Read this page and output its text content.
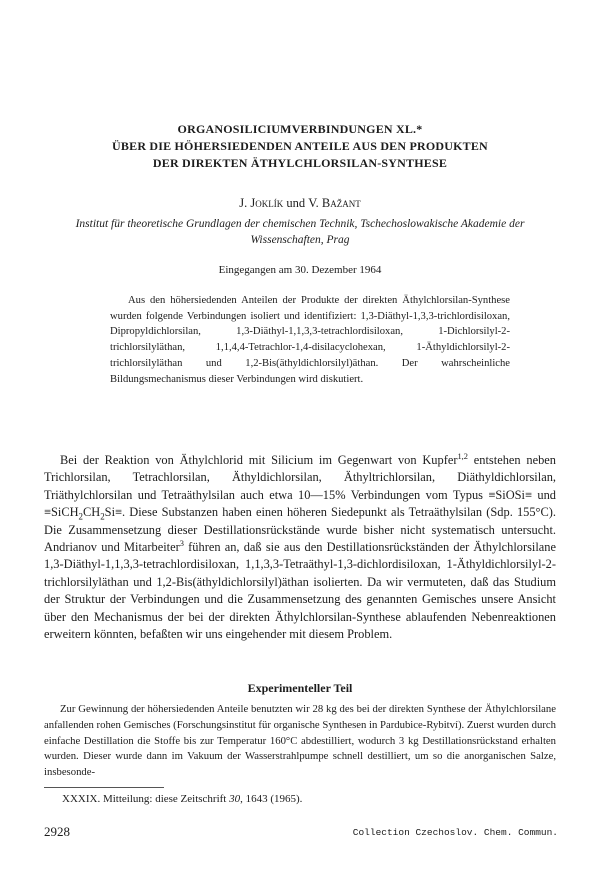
ORGANOSILICIUMVERBINDUNGEN XL.*
ÜBER DIE HÖHERSIEDENDEN ANTEILE AUS DEN PRODUKTEN
DER DIREKTEN ÄTHYLCHLORSILAN-SYNTHESE
J. Joklík und V. Bažant
Institut für theoretische Grundlagen der chemischen Technik, Tschechoslowakische Akademie der Wissenschaften, Prag
Eingegangen am 30. Dezember 1964
Aus den höhersiedenden Anteilen der Produkte der direkten Äthylchlorsilan-Synthese wurden folgende Verbindungen isoliert und identifiziert: 1,3-Diäthyl-1,3,3-trichlordisiloxan, Dipropyldichlorsilan, 1,3-Diäthyl-1,1,3,3-tetrachlordisiloxan, 1-Dichlorsilyl-2-trichlorsilyläthan, 1,1,4,4-Tetrachlor-1,4-disilacyclohexan, 1-Äthyldichlorsilyl-2-trichlorsilyläthan und 1,2-Bis(äthyldichlorsilyl)äthan. Der wahrscheinliche Bildungsmechanismus dieser Verbindungen wird diskutiert.
Bei der Reaktion von Äthylchlorid mit Silicium im Gegenwart von Kupfer$^{1,2}$ entstehen neben Trichlorsilan, Tetrachlorsilan, Äthyldichlorsilan, Äthyltrichlorsilan, Diäthyldichlorsilan, Triäthylchlorsilan und Tetraäthylsilan auch etwa 10—15% Verbindungen vom Typus ≡SiOSi≡ und $\equiv SiCH_2CH_2Si\equiv$. Diese Substanzen haben einen höheren Siedepunkt als Tetraäthylsilan (Sdp. 155°C). Die Zusammensetzung dieser Destillationsrückstände wurde bisher nicht systematisch untersucht. Andrianov und Mitarbeiter$^3$ führen an, daß sie aus den Destillationsrückständen der Äthylchlorsilane 1,3-Diäthyl-1,1,3,3-tetrachlordisiloxan, 1,1,3,3-Tetraäthyl-1,3-dichlordisiloxan, 1-Äthyldichlorsilyl-2-trichlorsilyläthan und 1,2-Bis(äthyldichlorsilyl)äthan isolierten. Da wir vermuteten, daß das Studium der Struktur der Verbindungen und die Zusammensetzung des genannten Gemisches unsere Ansicht über den Mechanismus der bei der direkten Äthylchlorsilan-Synthese ablaufenden Nebenreaktionen erweitern könnten, befaßten wir uns eingehender mit diesem Problem.
Experimenteller Teil
Zur Gewinnung der höhersiedenden Anteile benutzten wir 28 kg des bei der direkten Synthese der Äthylchlorsilane anfallenden rohen Gemisches (Forschungsinstitut für organische Synthesen in Pardubice-Rybitví). Zuerst wurden durch einfache Destillation die Stoffe bis zur Temperatur 160°C abdestilliert, wodurch 3 kg Destillationsrückstand erhalten wurden. Dieser wurde dann im Vakuum der Wasserstrahlpumpe schnell destilliert, um so die anorganischen Salze, insbesonde-
XXXIX. Mitteilung: diese Zeitschrift 30, 1643 (1965).
2928	Collection Czechoslov. Chem. Commun.
